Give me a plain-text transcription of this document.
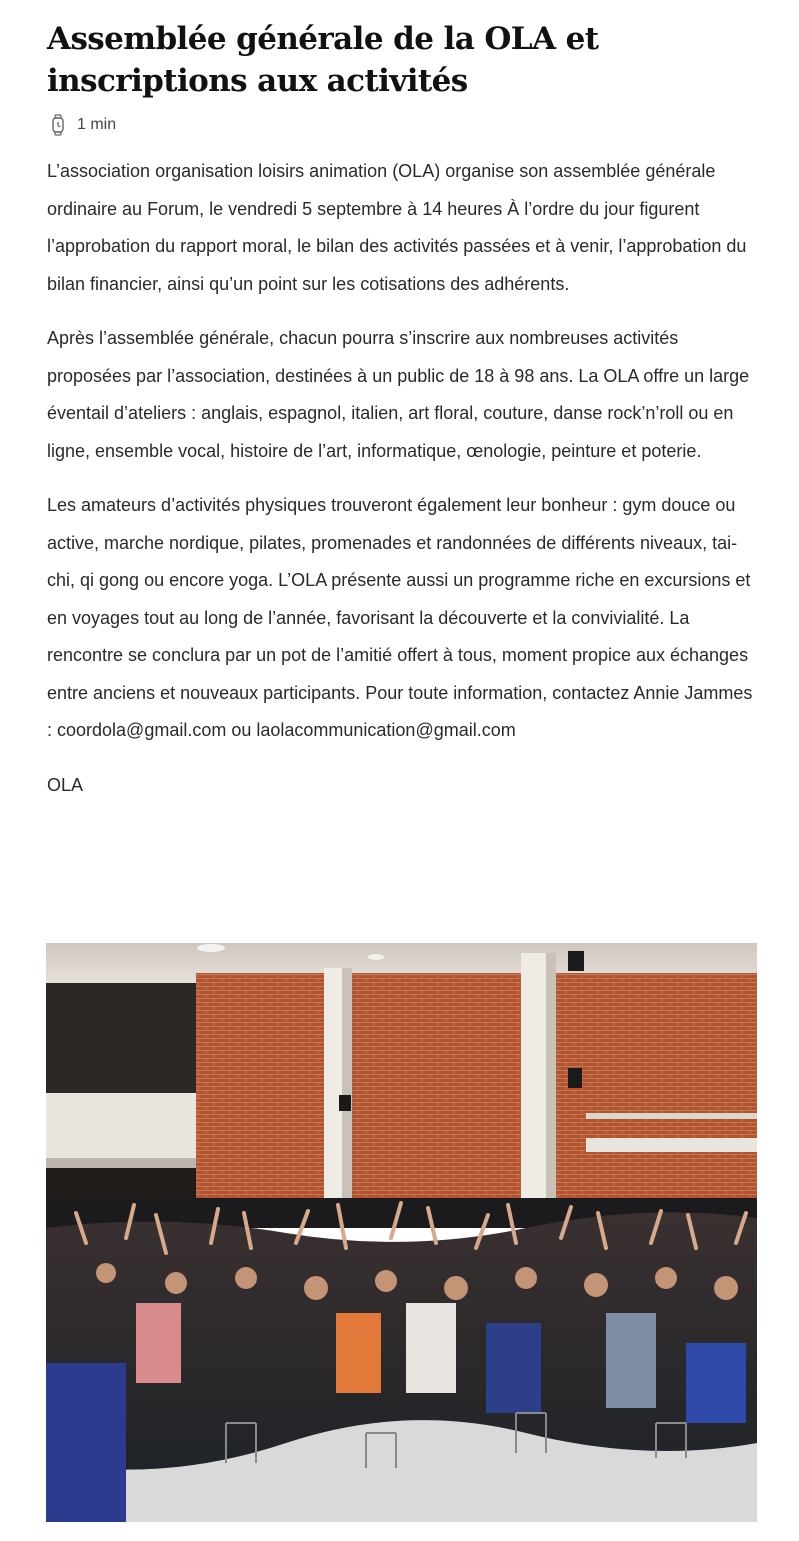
Assemblée générale de la OLA et inscriptions aux activités
1 min

L’association organisation loisirs animation (OLA) organise son assemblée générale ordinaire au Forum, le vendredi 5 septembre à 14 heures À l’ordre du jour figurent l’approbation du rapport moral, le bilan des activités passées et à venir, l’approbation du bilan financier, ainsi qu’un point sur les cotisations des adhérents.

Après l’assemblée générale, chacun pourra s’inscrire aux nombreuses activités proposées par l’association, destinées à un public de 18 à 98 ans. La OLA offre un large éventail d’ateliers : anglais, espagnol, italien, art floral, couture, danse rock’n’roll ou en ligne, ensemble vocal, histoire de l’art, informatique, œnologie, peinture et poterie.

Les amateurs d’activités physiques trouveront également leur bonheur : gym douce ou active, marche nordique, pilates, promenades et randonnées de différents niveaux, tai-chi, qi gong ou encore yoga. L’OLA présente aussi un programme riche en excursions et en voyages tout au long de l’année, favorisant la découverte et la convivialité. La rencontre se conclura par un pot de l’amitié offert à tous, moment propice aux échanges entre anciens et nouveaux participants. Pour toute information, contactez Annie Jammes : coordola@gmail.com ou laolacommunication@gmail.com

OLA
